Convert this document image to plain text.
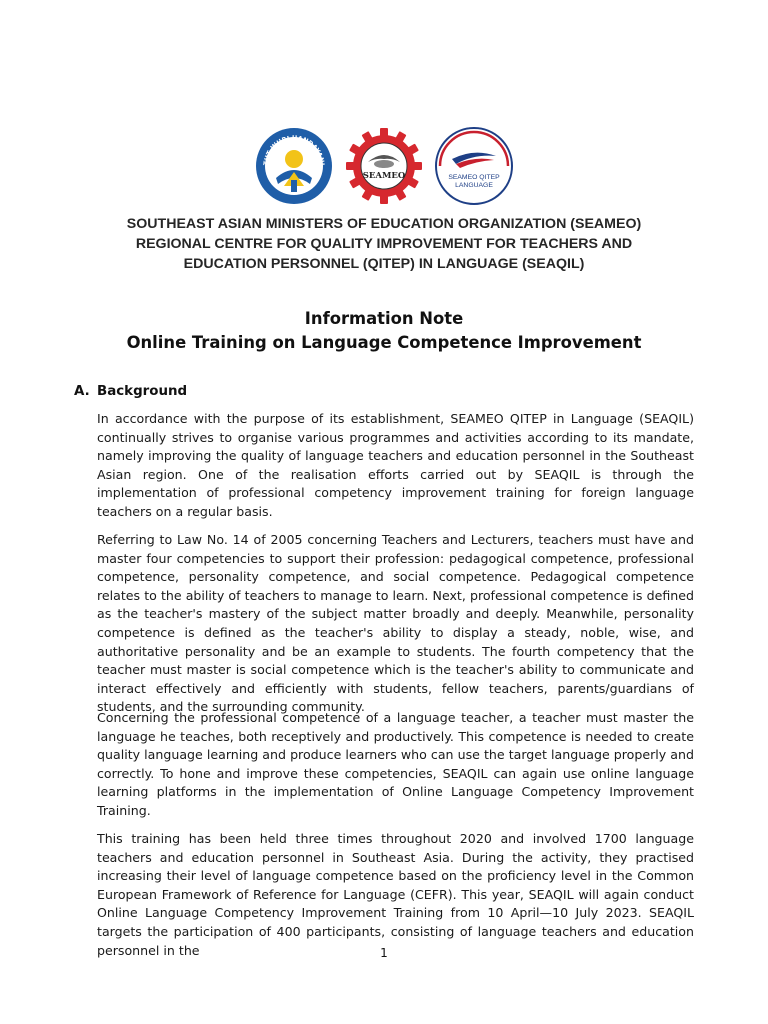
TUT WURI HANDAYANI
SEAMEO	SEAMEO QITEP
LANGUAGE
SOUTHEAST ASIAN MINISTERS OF EDUCATION ORGANIZATION (SEAMEO)
REGIONAL CENTRE FOR QUALITY IMPROVEMENT FOR TEACHERS AND
EDUCATION PERSONNEL (QITEP) IN LANGUAGE (SEAQIL)
Information Note
Online Training on Language Competence Improvement
A. Background

In accordance with the purpose of its establishment, SEAMEO QITEP in Language (SEAQIL) continually strives to organise various programmes and activities according to its mandate, namely improving the quality of language teachers and education personnel in the Southeast Asian region. One of the realisation efforts carried out by SEAQIL is through the implementation of professional competency improvement training for foreign language teachers on a regular basis.

Referring to Law No. 14 of 2005 concerning Teachers and Lecturers, teachers must have and master four competencies to support their profession: pedagogical competence, professional competence, personality competence, and social competence. Pedagogical competence relates to the ability of teachers to manage to learn. Next, professional competence is defined as the teacher's mastery of the subject matter broadly and deeply. Meanwhile, personality competence is defined as the teacher's ability to display a steady, noble, wise, and authoritative personality and be an example to students. The fourth competency that the teacher must master is social competence which is the teacher's ability to communicate and interact effectively and efficiently with students, fellow teachers, parents/guardians of students, and the surrounding community.

Concerning the professional competence of a language teacher, a teacher must master the language he teaches, both receptively and productively. This competence is needed to create quality language learning and produce learners who can use the target language properly and correctly. To hone and improve these competencies, SEAQIL can again use online language learning platforms in the implementation of Online Language Competency Improvement Training.

This training has been held three times throughout 2020 and involved 1700 language teachers and education personnel in Southeast Asia. During the activity, they practised increasing their level of language competence based on the proficiency level in the Common European Framework of Reference for Language (CEFR). This year, SEAQIL will again conduct Online Language Competency Improvement Training from 10 April—10 July 2023. SEAQIL targets the participation of 400 participants, consisting of language teachers and education personnel in the	1
